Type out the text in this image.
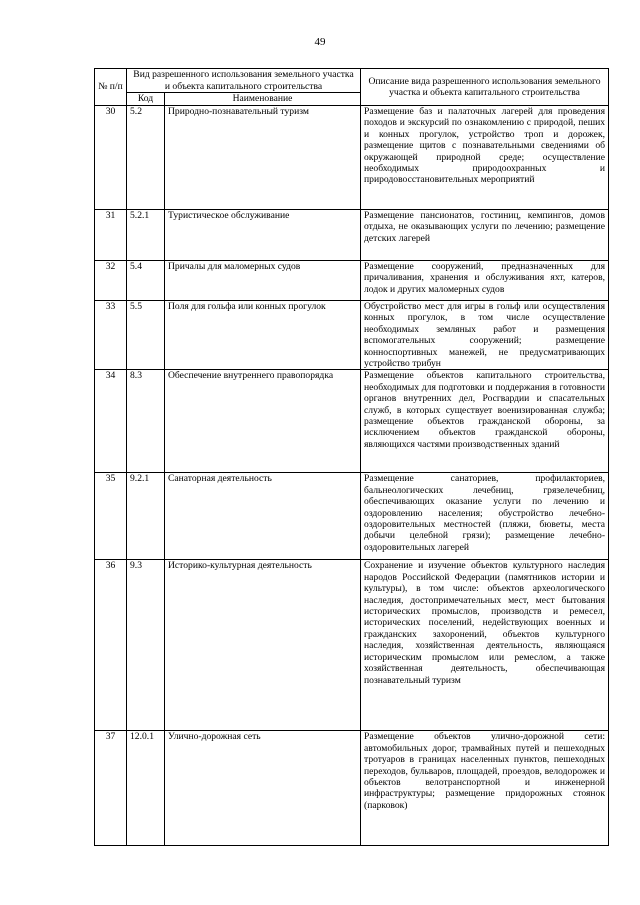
49
№ п/п	Вид разрешенного использования земельного участка и объекта капитального строительства		Описание вида разрешенного использования земельного участка и объекта капитального строительства
	Код	Наименование	
30	5.2	Природно-познавательный туризм	Размещение баз и палаточных лагерей для проведения походов и экскурсий по ознакомлению с природой, пеших и конных прогулок, устройство троп и дорожек, размещение щитов с познавательными сведениями об окружающей природной среде; осуществление необходимых природоохранных и природовосстановительных мероприятий
31	5.2.1	Туристическое обслуживание	Размещение пансионатов, гостиниц, кемпингов, домов отдыха, не оказывающих услуги по лечению; размещение детских лагерей
32	5.4	Причалы для маломерных судов	Размещение сооружений, предназначенных для причаливания, хранения и обслуживания яхт, катеров, лодок и других маломерных судов
33	5.5	Поля для гольфа или конных прогулок	Обустройство мест для игры в гольф или осуществления конных прогулок, в том числе осуществление необходимых земляных работ и размещения вспомогательных сооружений; размещение конноспортивных манежей, не предусматривающих устройство трибун
34	8.3	Обеспечение внутреннего правопорядка	Размещение объектов капитального строительства, необходимых для подготовки и поддержания в готовности органов внутренних дел, Росгвардии и спасательных служб, в которых существует военизированная служба; размещение объектов гражданской обороны, за исключением объектов гражданской обороны, являющихся частями производственных зданий
35	9.2.1	Санаторная деятельность	Размещение санаториев, профилакториев, бальнеологических лечебниц, грязелечебниц, обеспечивающих оказание услуги по лечению и оздоровлению населения; обустройство лечебно-оздоровительных местностей (пляжи, бюветы, места добычи целебной грязи); размещение лечебно-оздоровительных лагерей
36	9.3	Историко-культурная деятельность	Сохранение и изучение объектов культурного наследия народов Российской Федерации (памятников истории и культуры), в том числе: объектов археологического наследия, достопримечательных мест, мест бытования исторических промыслов, производств и ремесел, исторических поселений, недействующих военных и гражданских захоронений, объектов культурного наследия, хозяйственная деятельность, являющаяся историческим промыслом или ремеслом, а также хозяйственная деятельность, обеспечивающая познавательный туризм
37	12.0.1	Улично-дорожная сеть	Размещение объектов улично-дорожной сети: автомобильных дорог, трамвайных путей и пешеходных тротуаров в границах населенных пунктов, пешеходных переходов, бульваров, площадей, проездов, велодорожек и объектов велотранспортной и инженерной инфраструктуры; размещение придорожных стоянок (парковок)
